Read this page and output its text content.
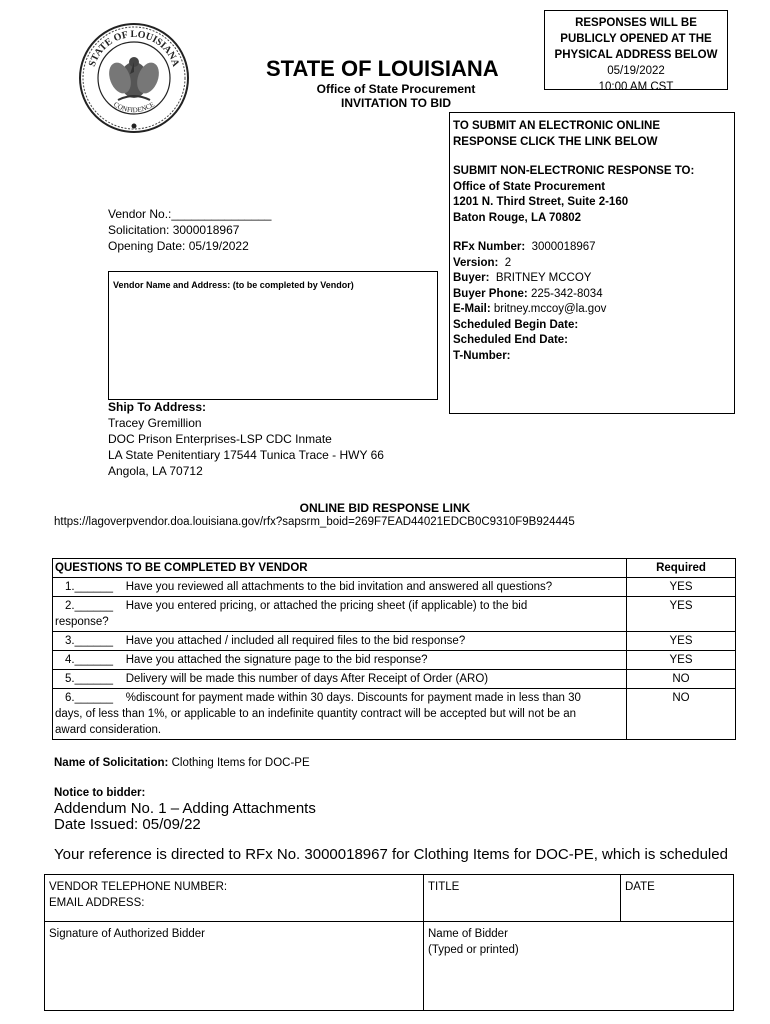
STATE OF LOUISIANA
CONFIDENCE
STATE OF LOUISIANA
Office of State Procurement
INVITATION TO BID
RESPONSES WILL BE
PUBLICLY OPENED AT THE
PHYSICAL ADDRESS BELOW
05/19/2022
10:00 AM CST
TO SUBMIT AN ELECTRONIC ONLINE
RESPONSE CLICK THE LINK BELOW
SUBMIT NON-ELECTRONIC RESPONSE TO:
Office of State Procurement
1201 N. Third Street, Suite 2-160
Baton Rouge, LA 70802
RFx Number: 3000018967
Version: 2
Buyer: BRITNEY MCCOY
Buyer Phone: 225-342-8034
E-Mail: britney.mccoy@la.gov
Scheduled Begin Date:
Scheduled End Date:
T-Number:
Vendor No.:_______________
Solicitation: 3000018967
Opening Date: 05/19/2022
Vendor Name and Address: (to be completed by Vendor)
Ship To Address:
Tracey Gremillion
DOC Prison Enterprises-LSP CDC Inmate
LA State Penitentiary 17544 Tunica Trace - HWY 66
Angola, LA 70712
ONLINE BID RESPONSE LINK
https://lagoverpvendor.doa.louisiana.gov/rfx?sapsrm_boid=269F7EAD44021EDCB0C9310F9B924445
QUESTIONS TO BE COMPLETED BY VENDOR	Required
1.______ Have you reviewed all attachments to the bid invitation and answered all questions?	YES
2.______ Have you entered pricing, or attached the pricing sheet (if applicable) to the bid
response?	YES
3.______ Have you attached / included all required files to the bid response?	YES
4.______ Have you attached the signature page to the bid response?	YES
5.______ Delivery will be made this number of days After Receipt of Order (ARO)	NO
6.______ %discount for payment made within 30 days. Discounts for payment made in less than 30
days, of less than 1%, or applicable to an indefinite quantity contract will be accepted but will not be an
award consideration.	NO
Name of Solicitation: Clothing Items for DOC-PE
Notice to bidder:
Addendum No. 1 – Adding Attachments
Date Issued: 05/09/22
Your reference is directed to RFx No. 3000018967 for Clothing Items for DOC-PE, which is scheduled
VENDOR TELEPHONE NUMBER:
EMAIL ADDRESS:	TITLE	DATE
Signature of Authorized Bidder	Name of Bidder
(Typed or printed)	
